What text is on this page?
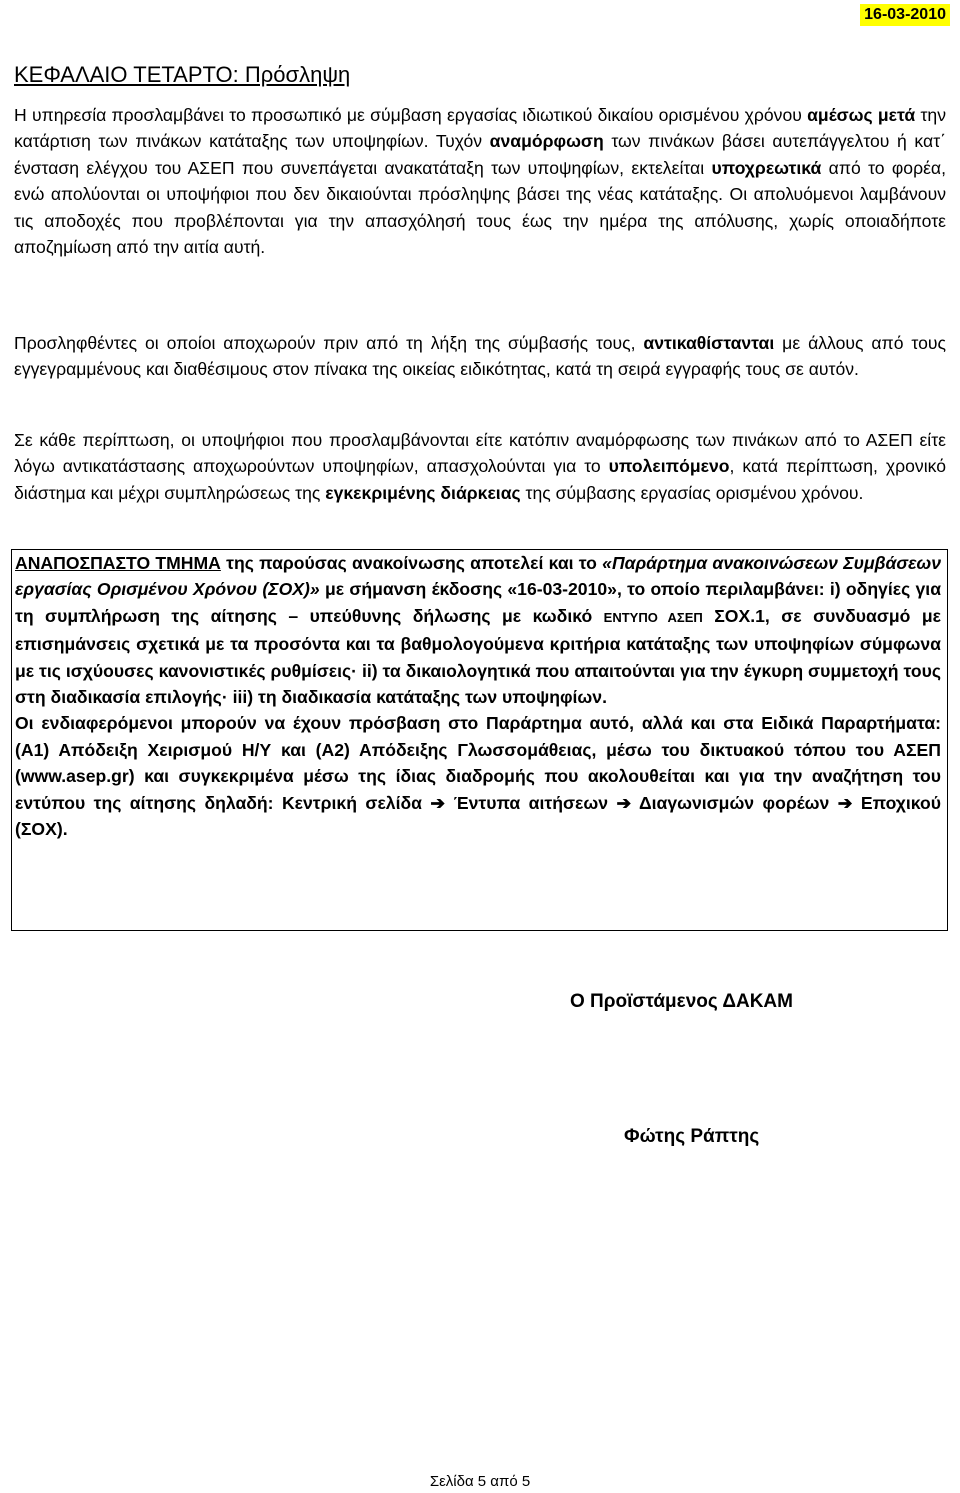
16-03-2010
ΚΕΦΑΛΑΙΟ ΤΕΤΑΡΤΟ: Πρόσληψη

Η υπηρεσία προσλαμβάνει το προσωπικό με σύμβαση εργασίας ιδιωτικού δικαίου ορισμένου χρόνου αμέσως μετά την κατάρτιση των πινάκων κατάταξης των υποψηφίων. Τυχόν αναμόρφωση των πινάκων βάσει αυτεπάγγελτου ή κατ΄ ένσταση ελέγχου του ΑΣΕΠ που συνεπάγεται ανακατάταξη των υποψηφίων, εκτελείται υποχρεωτικά από το φορέα, ενώ απολύονται οι υποψήφιοι που δεν δικαιούνται πρόσληψης βάσει της νέας κατάταξης. Οι απολυόμενοι λαμβάνουν τις αποδοχές που προβλέπονται για την απασχόλησή τους έως την ημέρα της απόλυσης, χωρίς οποιαδήποτε αποζημίωση από την αιτία αυτή.

Προσληφθέντες οι οποίοι αποχωρούν πριν από τη λήξη της σύμβασής τους, αντικαθίστανται με άλλους από τους εγγεγραμμένους και διαθέσιμους στον πίνακα της οικείας ειδικότητας, κατά τη σειρά εγγραφής τους σε αυτόν.

Σε κάθε περίπτωση, οι υποψήφιοι που προσλαμβάνονται είτε κατόπιν αναμόρφωσης των πινάκων από το ΑΣΕΠ είτε λόγω αντικατάστασης αποχωρούντων υποψηφίων, απασχολούνται για το υπολειπόμενο, κατά περίπτωση, χρονικό διάστημα και μέχρι συμπληρώσεως της εγκεκριμένης διάρκειας της σύμβασης εργασίας ορισμένου χρόνου.

ΑΝΑΠΟΣΠΑΣΤΟ ΤΜΗΜΑ της παρούσας ανακοίνωσης αποτελεί και το «Παράρτημα ανακοινώσεων Συμβάσεων εργασίας Ορισμένου Χρόνου (ΣΟΧ)» με σήμανση έκδοσης «16-03-2010», το οποίο περιλαμβάνει: i) οδηγίες για τη συμπλήρωση της αίτησης – υπεύθυνης δήλωσης με κωδικό ΕΝΤΥΠΟ ΑΣΕΠ ΣΟΧ.1, σε συνδυασμό με επισημάνσεις σχετικά με τα προσόντα και τα βαθμολογούμενα κριτήρια κατάταξης των υποψηφίων σύμφωνα με τις ισχύουσες κανονιστικές ρυθμίσεις· ii) τα δικαιολογητικά που απαιτούνται για την έγκυρη συμμετοχή τους στη διαδικασία επιλογής· iii) τη διαδικασία κατάταξης των υποψηφίων.
Οι ενδιαφερόμενοι μπορούν να έχουν πρόσβαση στο Παράρτημα αυτό, αλλά και στα Ειδικά Παραρτήματα: (Α1) Απόδειξη Χειρισμού Η/Υ και (Α2) Απόδειξης Γλωσσομάθειας, μέσω του δικτυακού τόπου του ΑΣΕΠ (www.asep.gr) και συγκεκριμένα μέσω της ίδιας διαδρομής που ακολουθείται και για την αναζήτηση του εντύπου της αίτησης δηλαδή: Κεντρική σελίδα ➔ Έντυπα αιτήσεων ➔ Διαγωνισμών φορέων ➔ Εποχικού (ΣΟΧ).

Ο Προϊστάμενος ΔΑΚΑΜ

Φώτης Ράπτης

Σελίδα 5 από 5
